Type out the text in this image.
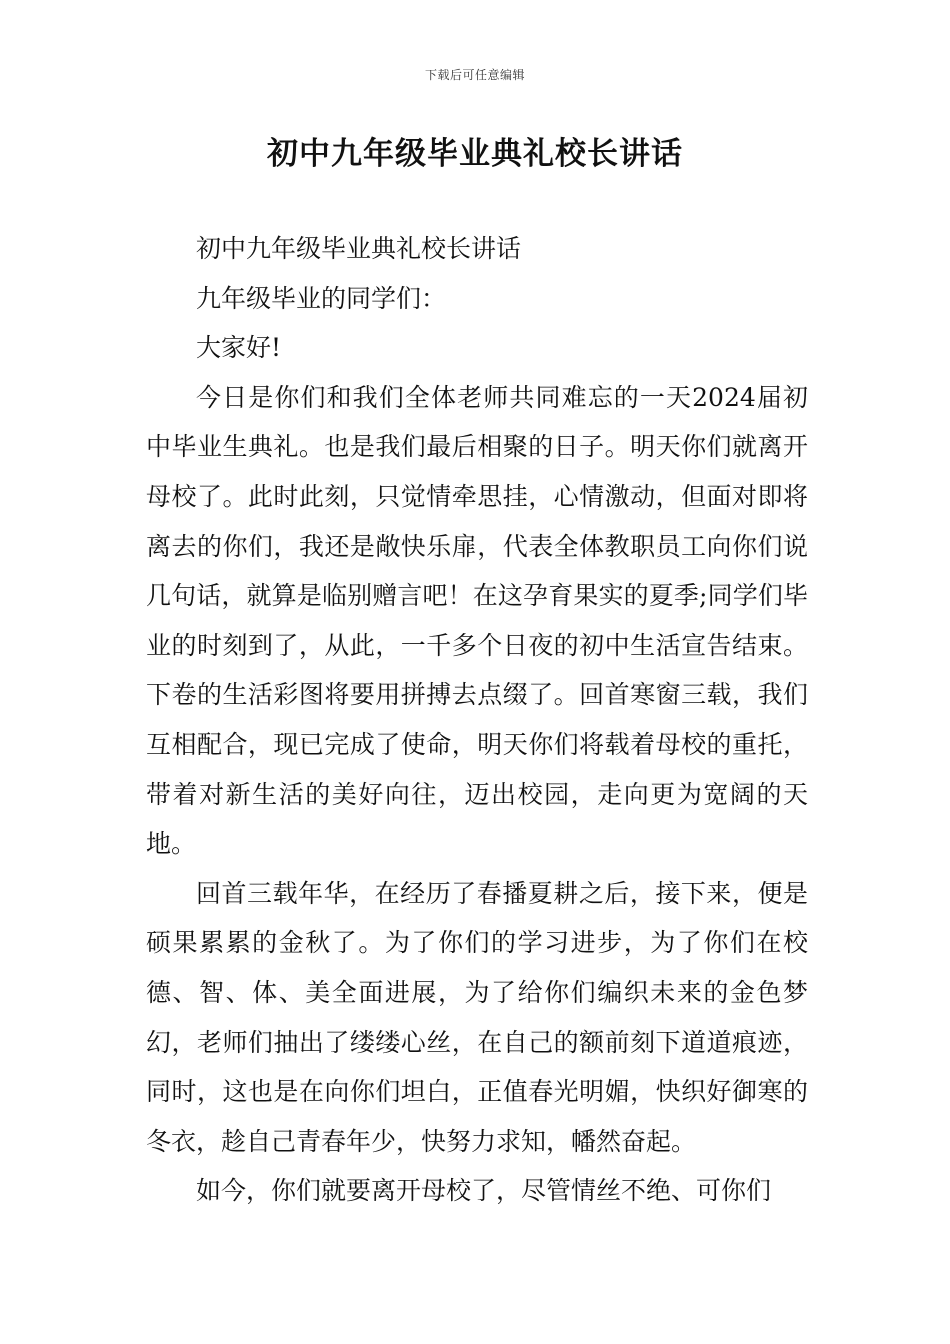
下载后可任意编辑
初中九年级毕业典礼校长讲话

初中九年级毕业典礼校长讲话

九年级毕业的同学们：

大家好!

今日是你们和我们全体老师共同难忘的一天2024届初中毕业生典礼。也是我们最后相聚的日子。明天你们就离开母校了。此时此刻，只觉情牵思挂，心情激动，但面对即将离去的你们，我还是敞快乐扉，代表全体教职员工向你们说几句话，就算是临别赠言吧！在这孕育果实的夏季;同学们毕业的时刻到了，从此，一千多个日夜的初中生活宣告结束。下卷的生活彩图将要用拼搏去点缀了。回首寒窗三载，我们互相配合，现已完成了使命，明天你们将载着母校的重托，带着对新生活的美好向往，迈出校园，走向更为宽阔的天地。

回首三载年华，在经历了春播夏耕之后，接下来，便是硕果累累的金秋了。为了你们的学习进步，为了你们在校德、智、体、美全面进展，为了给你们编织未来的金色梦幻，老师们抽出了缕缕心丝，在自己的额前刻下道道痕迹，同时，这也是在向你们坦白，正值春光明媚，快织好御寒的冬衣，趁自己青春年少，快努力求知，幡然奋起。

如今，你们就要离开母校了，尽管情丝不绝、可你们
